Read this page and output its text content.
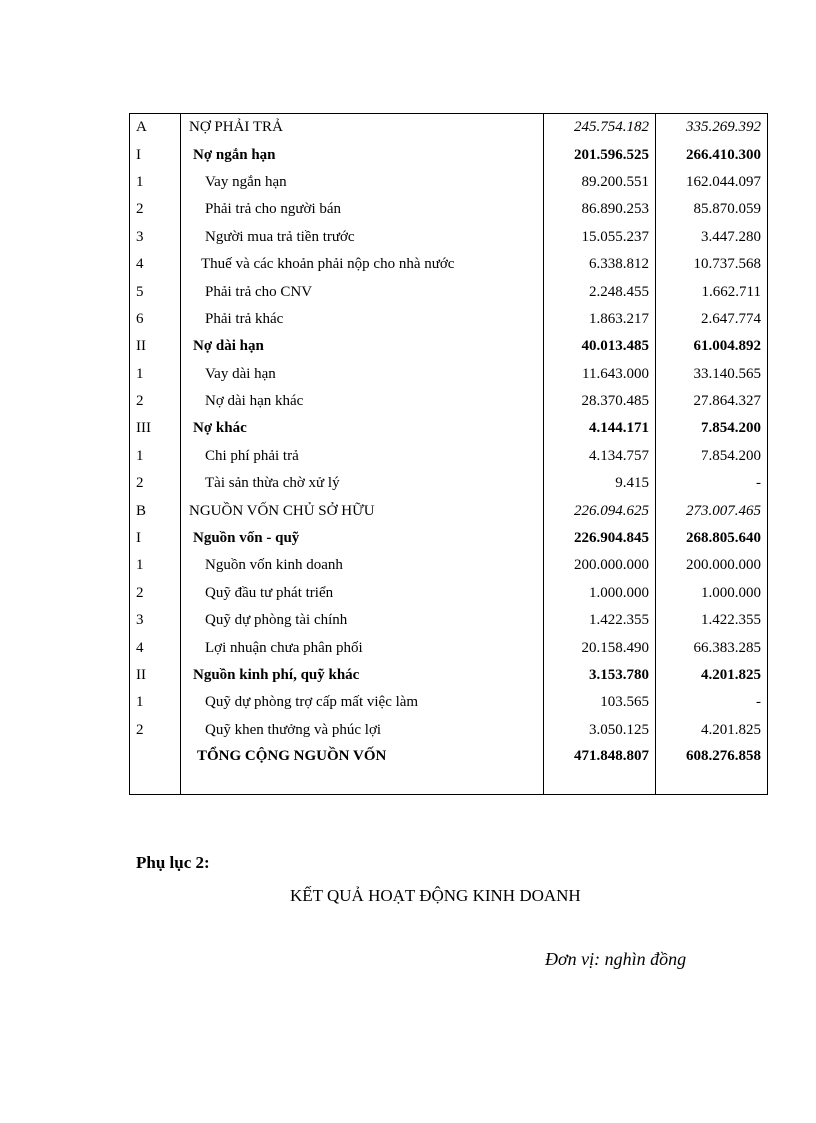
A	NỢ PHẢI TRẢ	245.754.182	335.269.392
I	Nợ ngắn hạn	201.596.525	266.410.300
1	Vay ngắn hạn	89.200.551	162.044.097
2	Phải trả cho người bán	86.890.253	85.870.059
3	Người mua trả tiền trước	15.055.237	3.447.280
4	Thuế và các khoản phải nộp cho nhà nước	6.338.812	10.737.568
5	Phải trả cho CNV	2.248.455	1.662.711
6	Phải trả khác	1.863.217	2.647.774
II	Nợ dài hạn	40.013.485	61.004.892
1	Vay dài hạn	11.643.000	33.140.565
2	Nợ dài hạn khác	28.370.485	27.864.327
III	Nợ khác	4.144.171	7.854.200
1	Chi phí phải trả	4.134.757	7.854.200
2	Tài sản thừa chờ xử lý	9.415	-
B	NGUỒN VỐN CHỦ SỞ HỮU	226.094.625	273.007.465
I	Nguồn vốn - quỹ	226.904.845	268.805.640
1	Nguồn vốn kinh doanh	200.000.000	200.000.000
2	Quỹ đầu tư phát triển	1.000.000	1.000.000
3	Quỹ dự phòng tài chính	1.422.355	1.422.355
4	Lợi nhuận chưa phân phối	20.158.490	66.383.285
II	Nguồn kinh phí, quỹ khác	3.153.780	4.201.825
1	Quỹ dự phòng trợ cấp mất việc làm	103.565	-
2	Quỹ khen thưởng và phúc lợi	3.050.125	4.201.825
	TỔNG CỘNG NGUỒN VỐN	471.848.807	608.276.858
Phụ lục 2:
KẾT QUẢ HOẠT ĐỘNG KINH DOANH
Đơn vị: nghìn đồng
